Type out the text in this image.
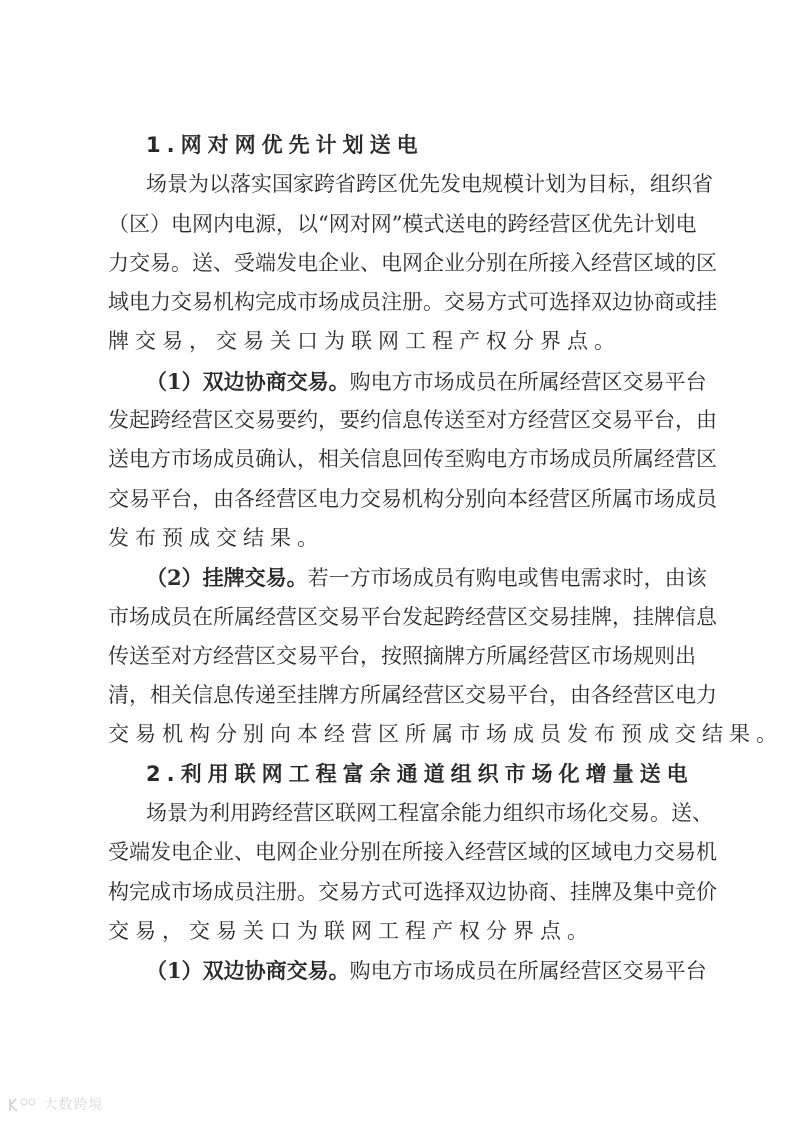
1.网对网优先计划送电
场景为以落实国家跨省跨区优先发电规模计划为目标，组织省
（区）电网内电源，以“网对网”模式送电的跨经营区优先计划电
力交易。送、受端发电企业、电网企业分别在所接入经营区域的区
域电力交易机构完成市场成员注册。交易方式可选择双边协商或挂
牌交易，交易关口为联网工程产权分界点。
（1）双边协商交易。购电方市场成员在所属经营区交易平台
发起跨经营区交易要约，要约信息传送至对方经营区交易平台，由
送电方市场成员确认，相关信息回传至购电方市场成员所属经营区
交易平台，由各经营区电力交易机构分别向本经营区所属市场成员
发布预成交结果。
（2）挂牌交易。若一方市场成员有购电或售电需求时，由该
市场成员在所属经营区交易平台发起跨经营区交易挂牌，挂牌信息
传送至对方经营区交易平台，按照摘牌方所属经营区市场规则出
清，相关信息传递至挂牌方所属经营区交易平台，由各经营区电力
交易机构分别向本经营区所属市场成员发布预成交结果。
2.利用联网工程富余通道组织市场化增量送电
场景为利用跨经营区联网工程富余能力组织市场化交易。送、
受端发电企业、电网企业分别在所接入经营区域的区域电力交易机
构完成市场成员注册。交易方式可选择双边协商、挂牌及集中竞价
交易，交易关口为联网工程产权分界点。
（1）双边协商交易。购电方市场成员在所属经营区交易平台
大数跨境
